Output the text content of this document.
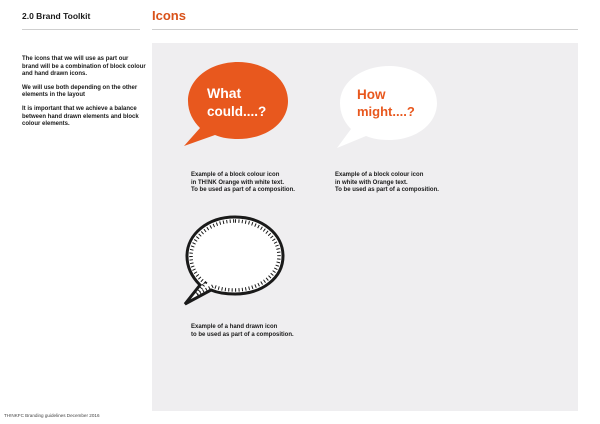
2.0 Brand Toolkit	Icons

The icons that we will use as part our brand will be a combination of block colour and hand drawn icons.

We will use both depending on the other elements in the layout

It is important that we achieve a balance between hand drawn elements and block colour elements.

What
could....?
How
might....?
Example of a block colour icon
in TH!NK Orange with white text.
To be used as part of a composition.
Example of a block colour icon
in white with Orange text.
To be used as part of a composition.
Example of a hand drawn icon
to be used as part of a composition.
TH!NKFC Branding guidelines December 2016
